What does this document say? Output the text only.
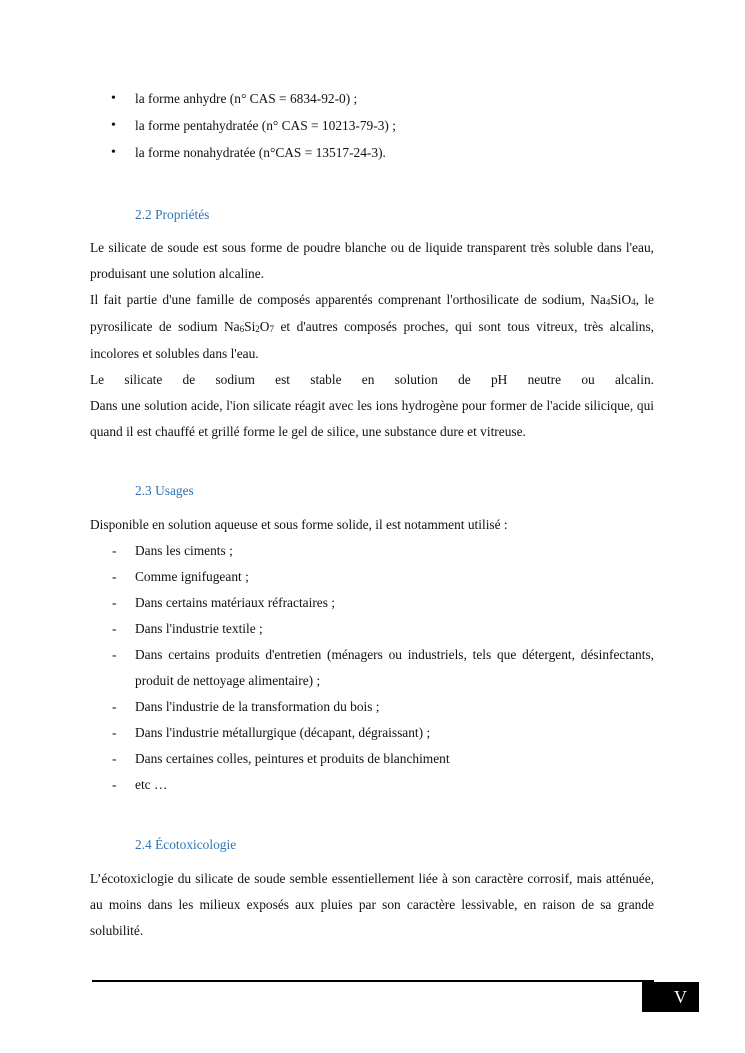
• la forme anhydre (n° CAS = 6834-92-0) ;
• la forme pentahydratée (n° CAS = 10213-79-3) ;
• la forme nonahydratée (n°CAS = 13517-24-3).
2.2 Propriétés

Le silicate de soude est sous forme de poudre blanche ou de liquide transparent très soluble dans l'eau, produisant une solution alcaline.

Il fait partie d'une famille de composés apparentés comprenant l'orthosilicate de sodium, $Na_4SiO_4$, le pyrosilicate de sodium $Na_6Si_2O_7$ et d'autres composés proches, qui sont tous vitreux, très alcalins, incolores et solubles dans l'eau.

Le silicate de sodium est stable en solution de pH neutre ou alcalin.

Dans une solution acide, l'ion silicate réagit avec les ions hydrogène pour former de l'acide silicique, qui quand il est chauffé et grillé forme le gel de silice, une substance dure et vitreuse.

2.3 Usages

Disponible en solution aqueuse et sous forme solide, il est notamment utilisé :

- Dans les ciments ;
- Comme ignifugeant ;
- Dans certains matériaux réfractaires ;
- Dans l'industrie textile ;
- Dans certains produits d'entretien (ménagers ou industriels, tels que détergent, désinfectants, produit de nettoyage alimentaire) ;
- Dans l'industrie de la transformation du bois ;
- Dans l'industrie métallurgique (décapant, dégraissant) ;
- Dans certaines colles, peintures et produits de blanchiment
- etc …
2.4 Écotoxicologie

L’écotoxiclogie du silicate de soude semble essentiellement liée à son caractère corrosif, mais atténuée, au moins dans les milieux exposés aux pluies par son caractère lessivable, en raison de sa grande solubilité.

V
